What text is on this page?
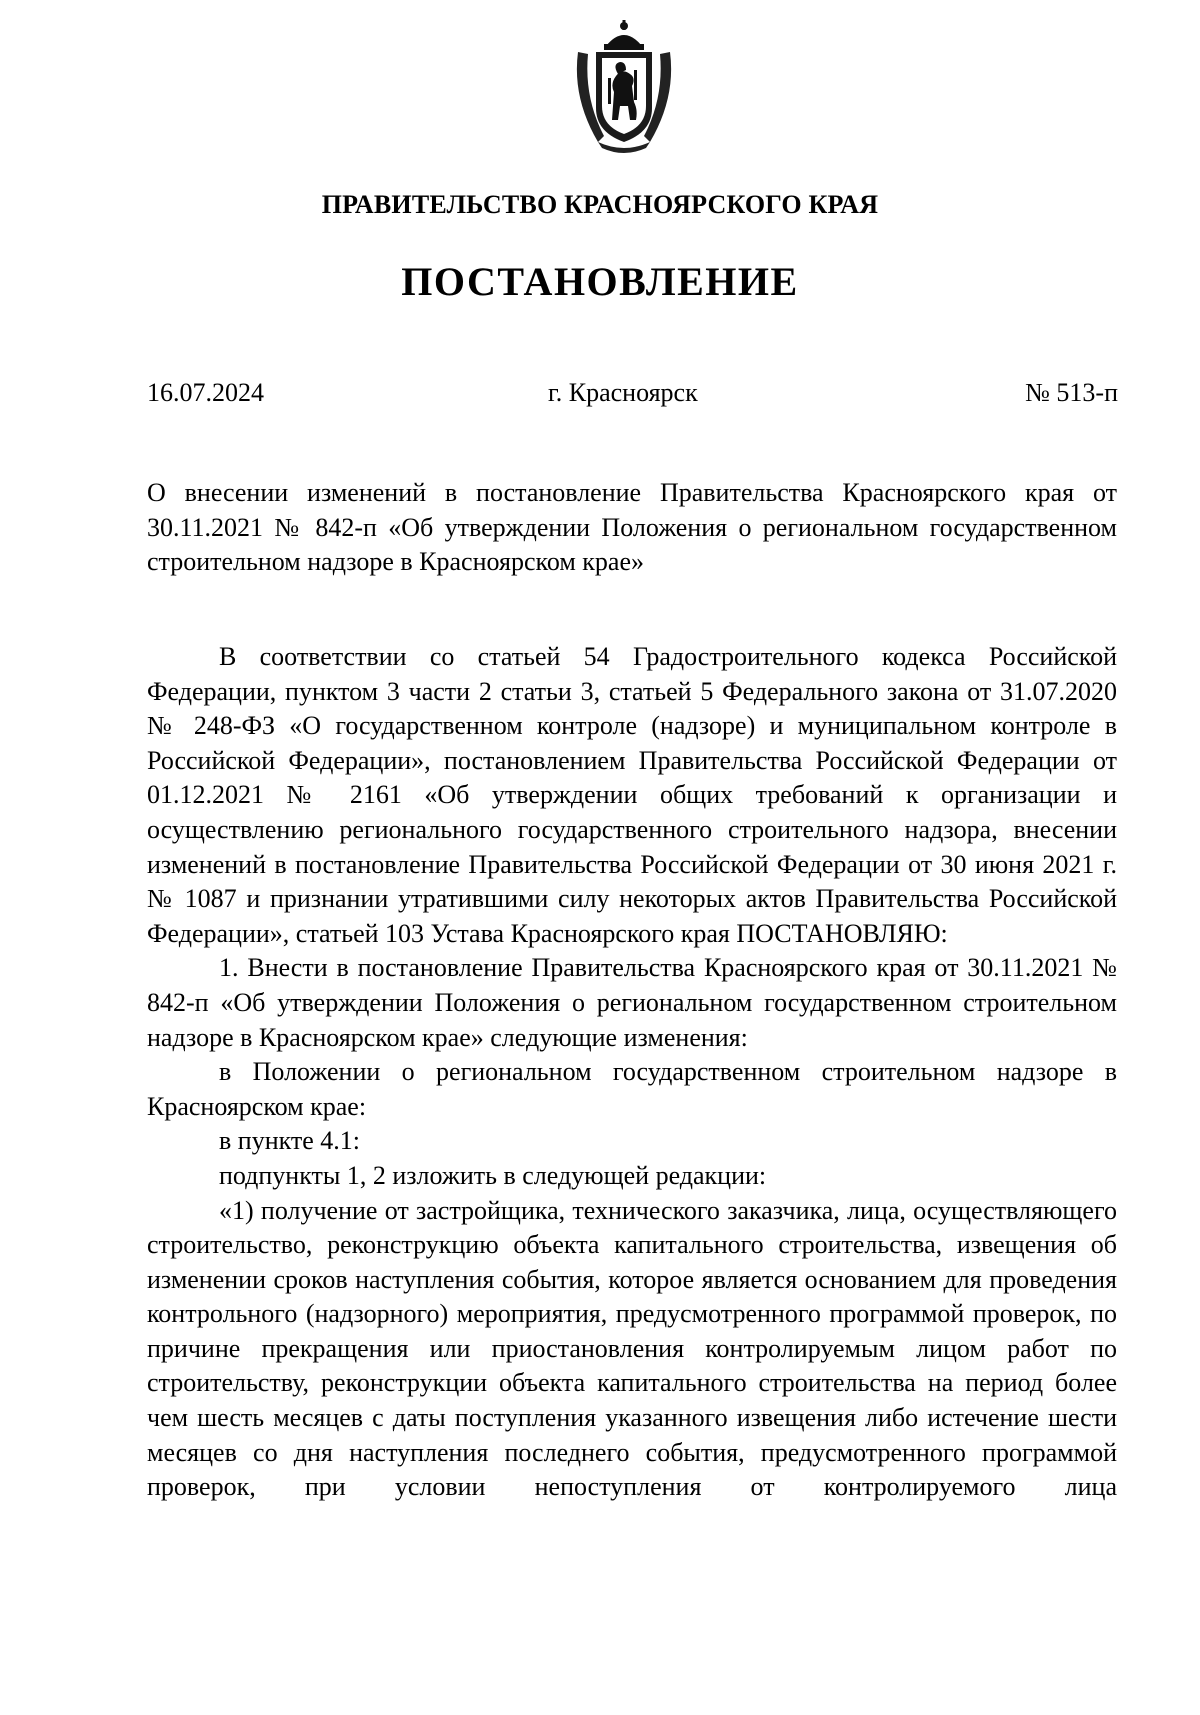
ПРАВИТЕЛЬСТВО КРАСНОЯРСКОГО КРАЯ
ПОСТАНОВЛЕНИЕ
16.07.2024	г. Красноярск	№ 513-п
О внесении изменений в постановление Правительства Красноярского края от 30.11.2021 № 842-п «Об утверждении Положения о региональном государственном строительном надзоре в Красноярском крае»

В соответствии со статьей 54 Градостроительного кодекса Российской Федерации, пунктом 3 части 2 статьи 3, статьей 5 Федерального закона от 31.07.2020 № 248-ФЗ «О государственном контроле (надзоре) и муниципальном контроле в Российской Федерации», постановлением Правительства Российской Федерации от 01.12.2021 № 2161 «Об утверждении общих требований к организации и осуществлению регионального государственного строительного надзора, внесении изменений в постановление Правительства Российской Федерации от 30 июня 2021 г. № 1087 и признании утратившими силу некоторых актов Правительства Российской Федерации», статьей 103 Устава Красноярского края ПОСТАНОВЛЯЮ:

1. Внести в постановление Правительства Красноярского края от 30.11.2021 № 842-п «Об утверждении Положения о региональном государственном строительном надзоре в Красноярском крае» следующие изменения:

в Положении о региональном государственном строительном надзоре в Красноярском крае:

в пункте 4.1:

подпункты 1, 2 изложить в следующей редакции:

«1) получение от застройщика, технического заказчика, лица, осуществляющего строительство, реконструкцию объекта капитального строительства, извещения об изменении сроков наступления события, которое является основанием для проведения контрольного (надзорного) мероприятия, предусмотренного программой проверок, по причине прекращения или приостановления контролируемым лицом работ по строительству, реконструкции объекта капитального строительства на период более чем шесть месяцев с даты поступления указанного извещения либо истечение шести месяцев со дня наступления последнего события, предусмотренного программой проверок, при условии непоступления от контролируемого лица
